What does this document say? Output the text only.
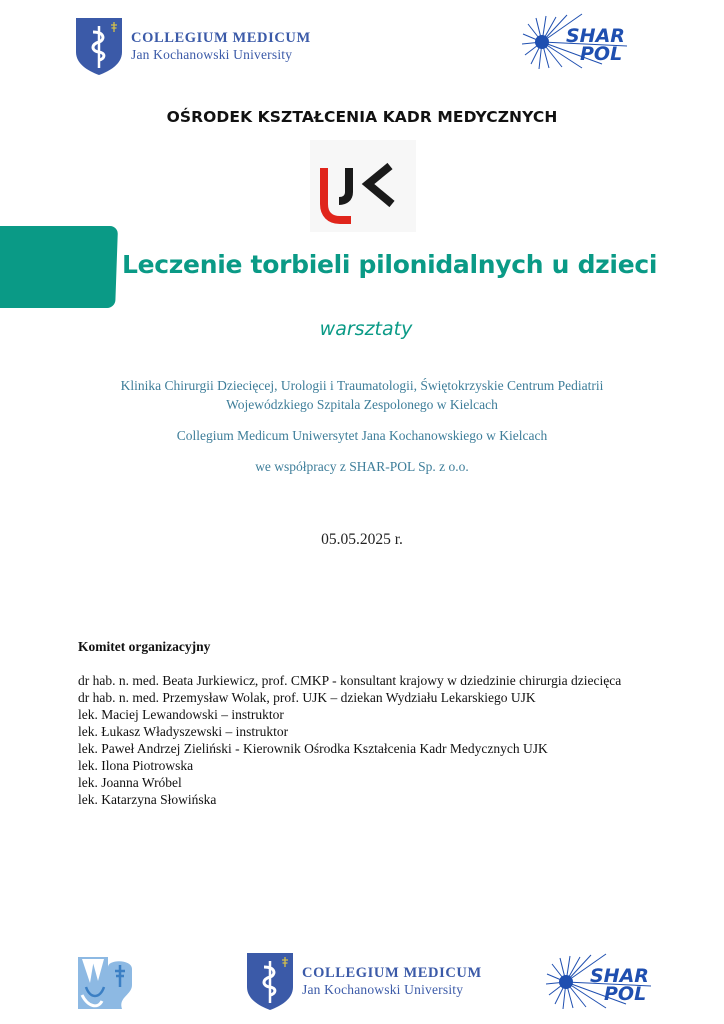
COLLEGIUM MEDICUM
Jan Kochanowski University
SHAR
POL
OŚRODEK KSZTAŁCENIA KADR MEDYCZNYCH
Leczenie torbieli pilonidalnych u dzieci
warsztaty
Klinika Chirurgii Dziecięcej, Urologii i Traumatologii, Świętokrzyskie Centrum Pediatrii
Wojewódzkiego Szpitala Zespolonego w Kielcach
Collegium Medicum Uniwersytet Jana Kochanowskiego w Kielcach
we współpracy z SHAR-POL Sp. z o.o.
05.05.2025 r.
Komitet organizacyjny
dr hab. n. med. Beata Jurkiewicz, prof. CMKP - konsultant krajowy w dziedzinie chirurgia dziecięca
dr hab. n. med. Przemysław Wolak, prof. UJK – dziekan Wydziału Lekarskiego UJK
lek. Maciej Lewandowski – instruktor
lek. Łukasz Władyszewski – instruktor
lek. Paweł Andrzej Zieliński - Kierownik Ośrodka Kształcenia Kadr Medycznych UJK
lek. Ilona Piotrowska
lek. Joanna Wróbel
lek. Katarzyna Słowińska
COLLEGIUM MEDICUM
Jan Kochanowski University
SHAR
POL
